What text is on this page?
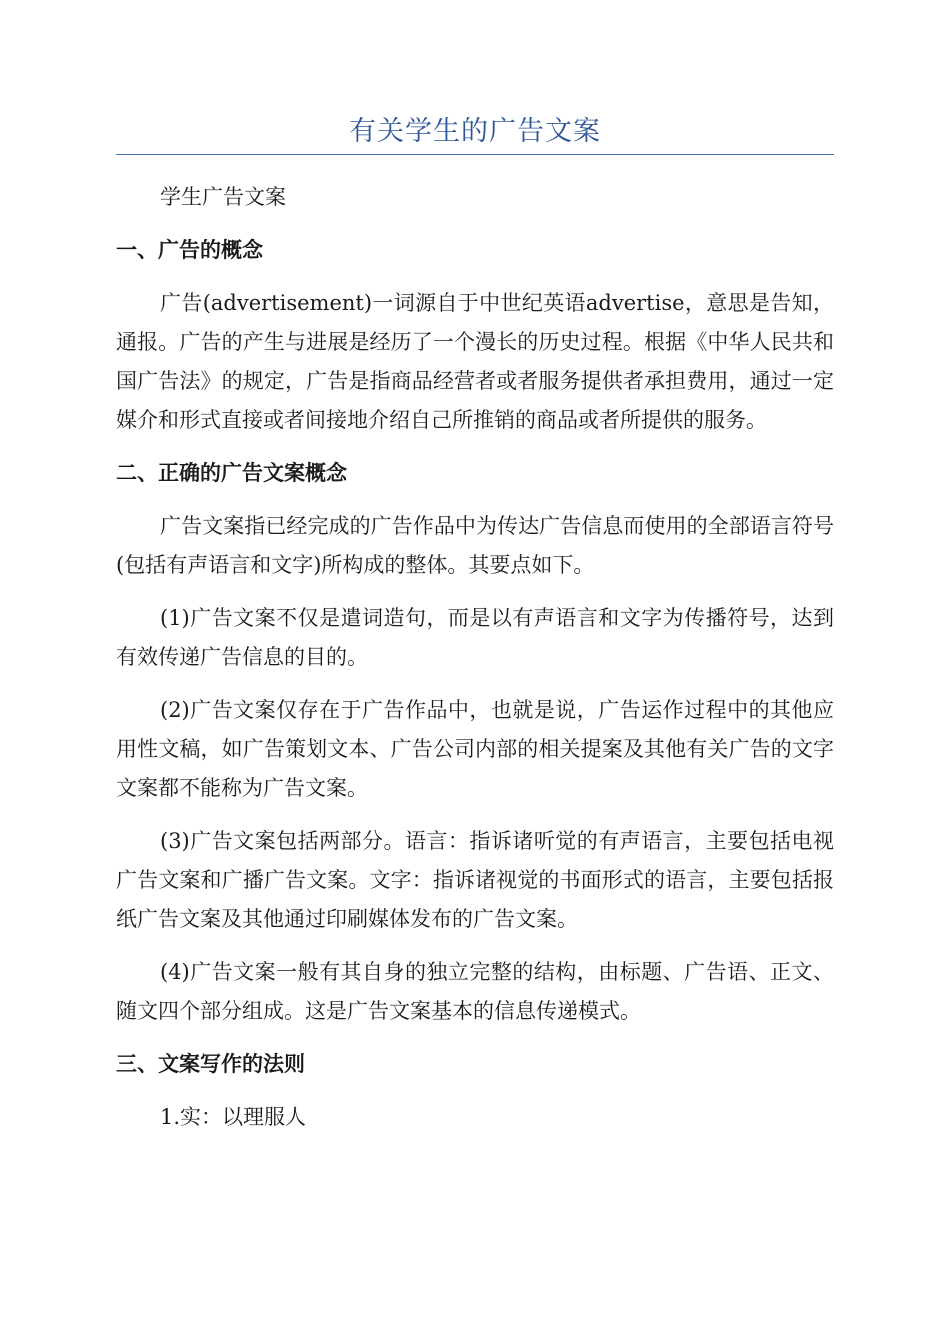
有关学生的广告文案

学生广告文案

一、广告的概念

广告(advertisement)一词源自于中世纪英语advertise，意思是告知，通报。广告的产生与进展是经历了一个漫长的历史过程。根据《中华人民共和国广告法》的规定，广告是指商品经营者或者服务提供者承担费用，通过一定媒介和形式直接或者间接地介绍自己所推销的商品或者所提供的服务。

二、正确的广告文案概念

广告文案指已经完成的广告作品中为传达广告信息而使用的全部语言符号(包括有声语言和文字)所构成的整体。其要点如下。

(1)广告文案不仅是遣词造句，而是以有声语言和文字为传播符号，达到有效传递广告信息的目的。

(2)广告文案仅存在于广告作品中，也就是说，广告运作过程中的其他应用性文稿，如广告策划文本、广告公司内部的相关提案及其他有关广告的文字文案都不能称为广告文案。

(3)广告文案包括两部分。语言：指诉诸听觉的有声语言，主要包括电视广告文案和广播广告文案。文字：指诉诸视觉的书面形式的语言，主要包括报纸广告文案及其他通过印刷媒体发布的广告文案。

(4)广告文案一般有其自身的独立完整的结构，由标题、广告语、正文、随文四个部分组成。这是广告文案基本的信息传递模式。

三、文案写作的法则

1.实：以理服人
